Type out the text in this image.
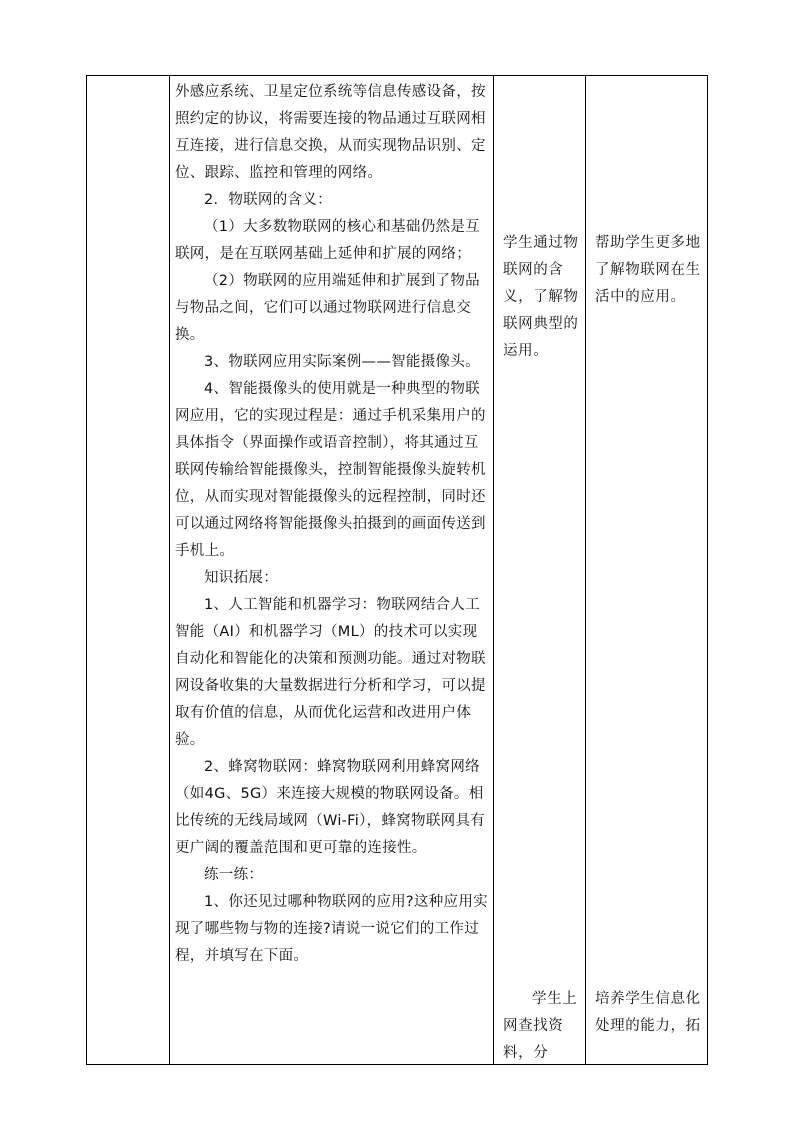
外感应系统、卫星定位系统等信息传感设备，按照约定的协议，将需要连接的物品通过互联网相互连接，进行信息交换，从而实现物品识别、定位、跟踪、监控和管理的网络。

2．物联网的含义：

（1）大多数物联网的核心和基础仍然是互联网，是在互联网基础上延伸和扩展的网络；

（2）物联网的应用端延伸和扩展到了物品与物品之间，它们可以通过物联网进行信息交换。

3、物联网应用实际案例——智能摄像头。

4、智能摄像头的使用就是一种典型的物联网应用，它的实现过程是：通过手机采集用户的具体指令（界面操作或语音控制），将其通过互联网传输给智能摄像头，控制智能摄像头旋转机位，从而实现对智能摄像头的远程控制，同时还可以通过网络将智能摄像头拍摄到的画面传送到手机上。

知识拓展：

1、人工智能和机器学习：物联网结合人工智能（AI）和机器学习（ML）的技术可以实现自动化和智能化的决策和预测功能。通过对物联网设备收集的大量数据进行分析和学习，可以提取有价值的信息，从而优化运营和改进用户体验。

2、蜂窝物联网：蜂窝物联网利用蜂窝网络（如4G、5G）来连接大规模的物联网设备。相比传统的无线局域网（Wi-Fi），蜂窝物联网具有更广阔的覆盖范围和更可靠的连接性。

练一练：

1、你还见过哪种物联网的应用?这种应用实现了哪些物与物的连接?请说一说它们的工作过程，并填写在下面。

学生通过物联网的含义，了解物联网典型的运用。
学生上网查找资料，分
帮助学生更多地了解物联网在生活中的应用。
培养学生信息化处理的能力，拓
